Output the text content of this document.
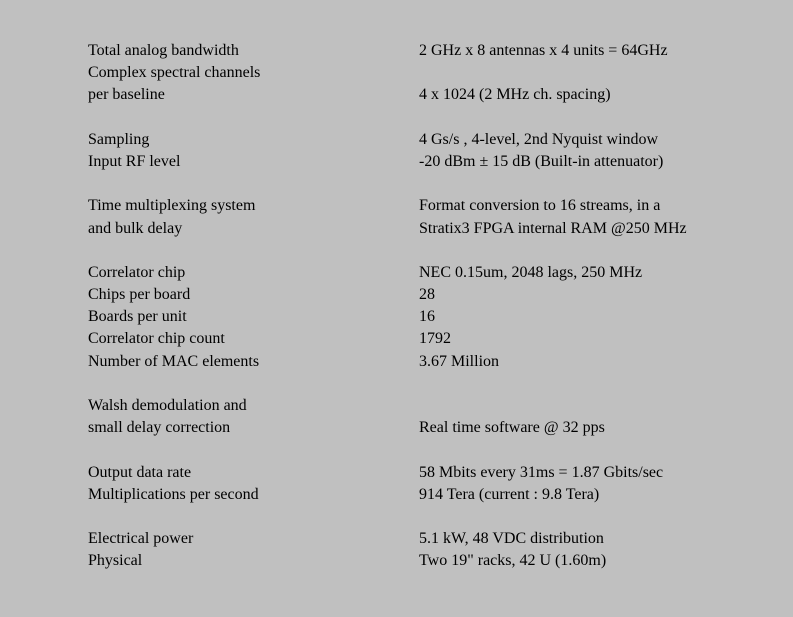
Total analog bandwidth	2 GHz x 8 antennas x 4 units = 64GHz
Complex spectral channels
per baseline	4 x 1024 (2 MHz ch. spacing)
Sampling	4 Gs/s , 4-level, 2nd Nyquist window
Input RF level	-20 dBm ± 15 dB (Built-in attenuator)
Time multiplexing system	Format conversion to 16 streams, in a
and bulk delay	Stratix3 FPGA internal RAM @250 MHz
Correlator chip	NEC 0.15um, 2048 lags, 250 MHz
Chips per board	28
Boards per unit	16
Correlator chip count	1792
Number of MAC elements	3.67 Million
Walsh demodulation and
small delay correction	Real time software @ 32 pps
Output data rate	58 Mbits every 31ms = 1.87 Gbits/sec
Multiplications per second	914 Tera (current : 9.8 Tera)
Electrical power	5.1 kW, 48 VDC distribution
Physical	Two 19" racks, 42 U (1.60m)
